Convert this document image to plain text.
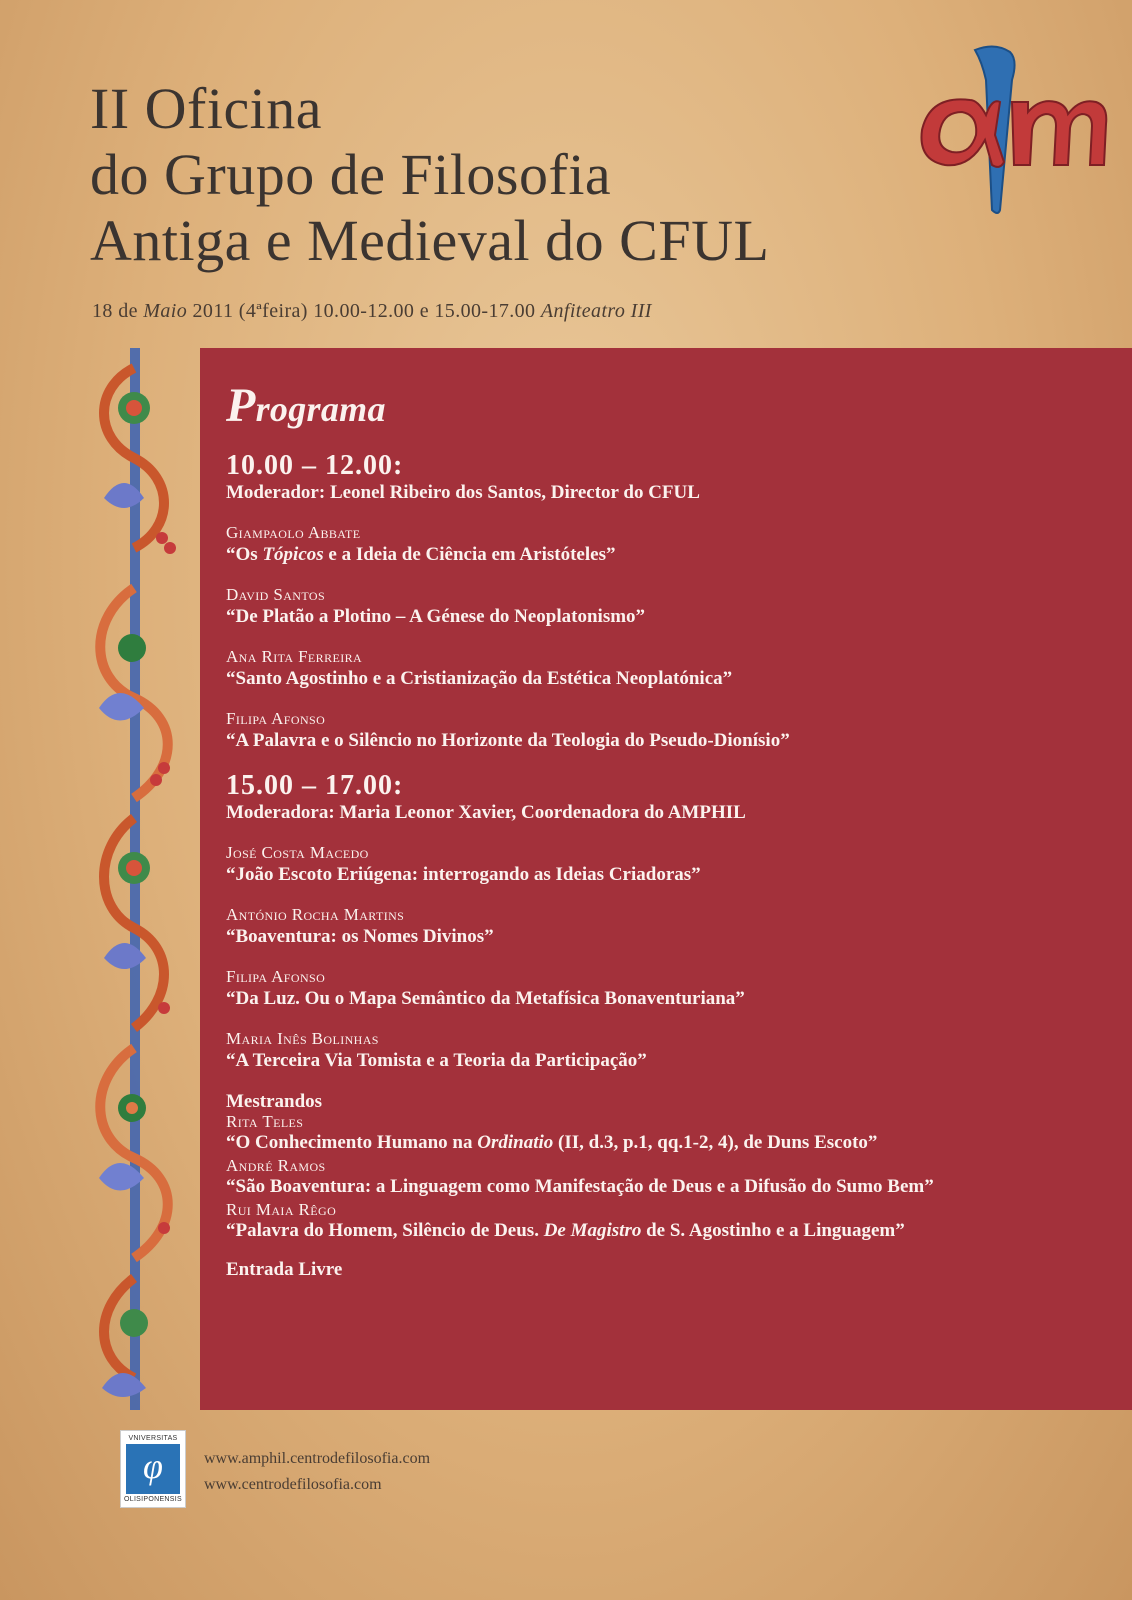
II Oficina
do Grupo de Filosofia
Antiga e Medieval do CFUL
18 de Maio 2011 (4ªfeira) 10.00-12.00 e 15.00-17.00 Anfiteatro III
Programa
10.00 – 12.00:
Moderador: Leonel Ribeiro dos Santos, Director do CFUL
Giampaolo Abbate
“Os Tópicos e a Ideia de Ciência em Aristóteles”
David Santos
“De Platão a Plotino – A Génese do Neoplatonismo”
Ana Rita Ferreira
“Santo Agostinho e a Cristianização da Estética Neoplatónica”
Filipa Afonso
“A Palavra e o Silêncio no Horizonte da Teologia do Pseudo-Dionísio”
15.00 – 17.00:
Moderadora: Maria Leonor Xavier, Coordenadora do AMPHIL
José Costa Macedo
“João Escoto Eriúgena: interrogando as Ideias Criadoras”
António Rocha Martins
“Boaventura: os Nomes Divinos”
Filipa Afonso
“Da Luz. Ou o Mapa Semântico da Metafísica Bonaventuriana”
Maria Inês Bolinhas
“A Terceira Via Tomista e a Teoria da Participação”
Mestrandos
Rita Teles
“O Conhecimento Humano na Ordinatio (II, d.3, p.1, qq.1-2, 4), de Duns Escoto”
André Ramos
“São Boaventura: a Linguagem como Manifestação de Deus e a Difusão do Sumo Bem”
Rui Maia Rêgo
“Palavra do Homem, Silêncio de Deus. De Magistro de S. Agostinho e a Linguagem”
Entrada Livre
VNIVERSITAS
φ
OLISIPONENSIS
www.amphil.centrodefilosofia.com
www.centrodefilosofia.com
